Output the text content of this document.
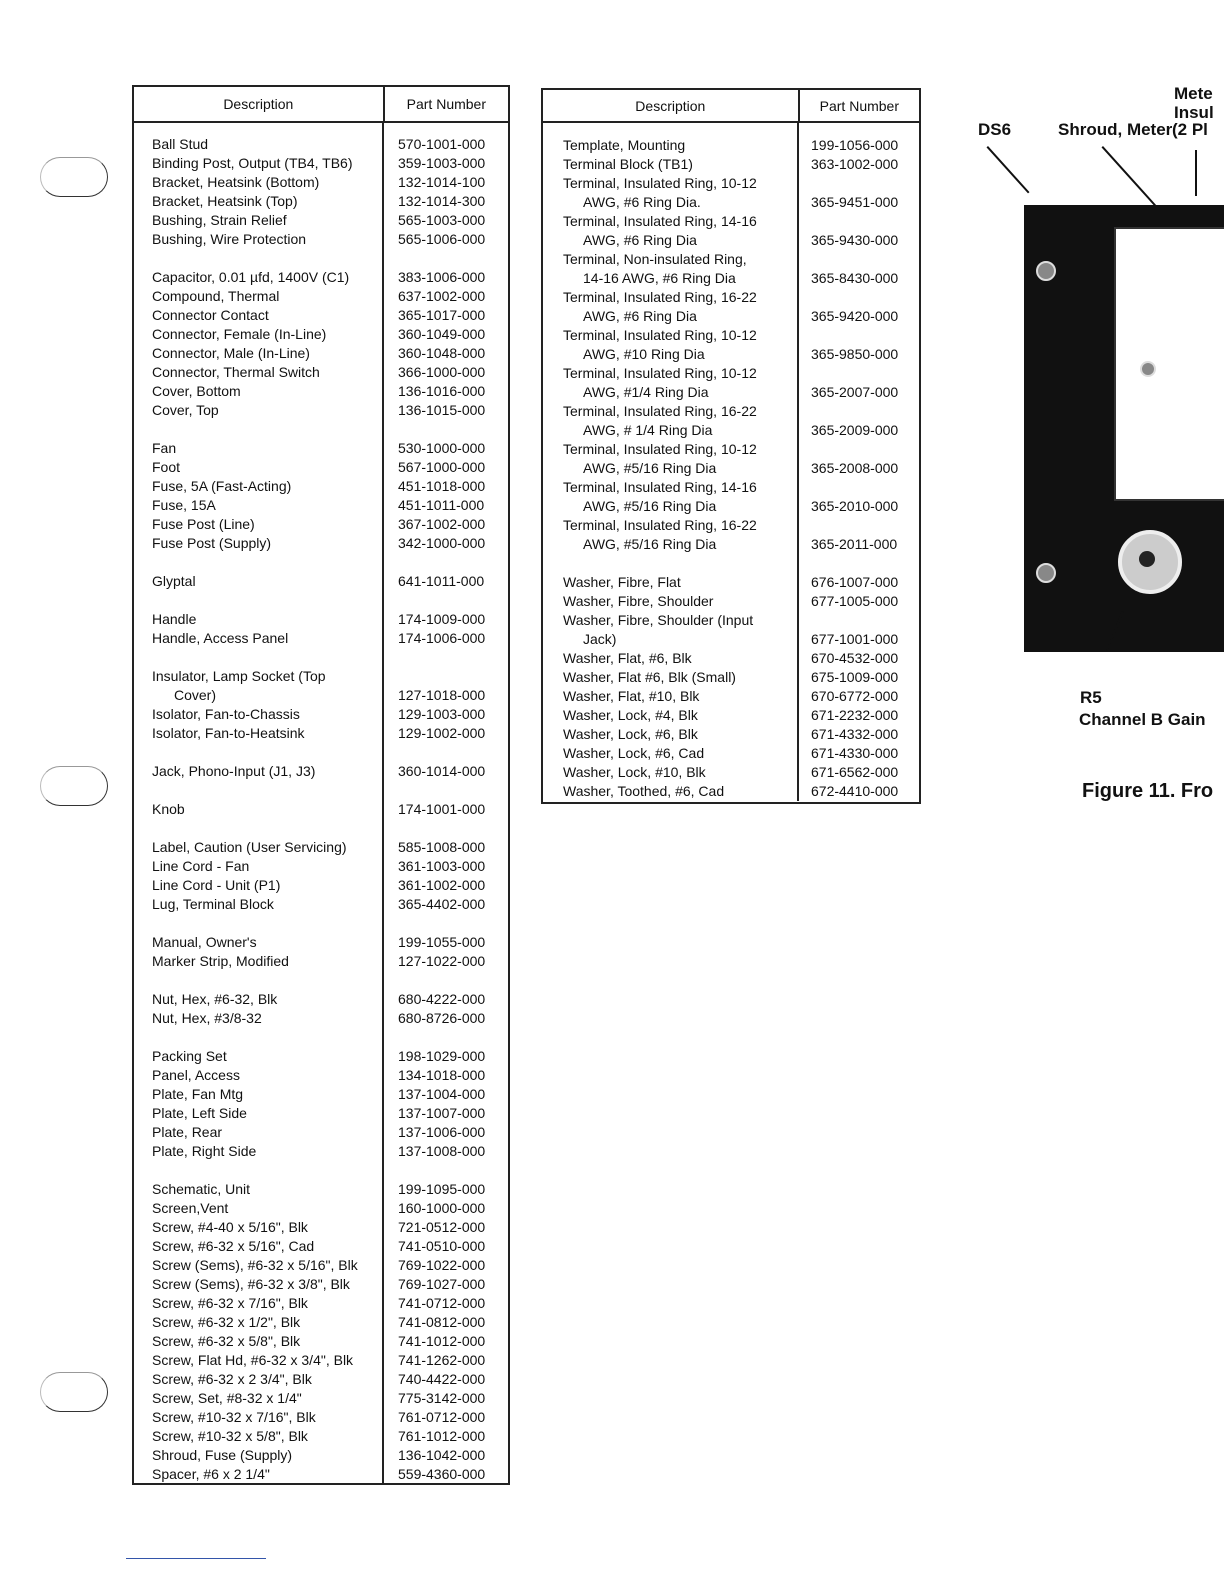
Description	Part Number
Ball Stud	570-1001-000
Binding Post, Output (TB4, TB6)	359-1003-000
Bracket, Heatsink (Bottom)	132-1014-100
Bracket, Heatsink (Top)	132-1014-300
Bushing, Strain Relief	565-1003-000
Bushing, Wire Protection	565-1006-000
Capacitor, 0.01 µfd, 1400V (C1)	383-1006-000
Compound, Thermal	637-1002-000
Connector Contact	365-1017-000
Connector, Female (In-Line)	360-1049-000
Connector, Male (In-Line)	360-1048-000
Connector, Thermal Switch	366-1000-000
Cover, Bottom	136-1016-000
Cover, Top	136-1015-000
Fan	530-1000-000
Foot	567-1000-000
Fuse, 5A (Fast-Acting)	451-1018-000
Fuse, 15A	451-1011-000
Fuse Post (Line)	367-1002-000
Fuse Post (Supply)	342-1000-000
Glyptal	641-1011-000
Handle	174-1009-000
Handle, Access Panel	174-1006-000
Insulator, Lamp Socket (Top
Cover)	127-1018-000
Isolator, Fan-to-Chassis	129-1003-000
Isolator, Fan-to-Heatsink	129-1002-000
Jack, Phono-Input (J1, J3)	360-1014-000
Knob	174-1001-000
Label, Caution (User Servicing)	585-1008-000
Line Cord - Fan	361-1003-000
Line Cord - Unit (P1)	361-1002-000
Lug, Terminal Block	365-4402-000
Manual, Owner's	199-1055-000
Marker Strip, Modified	127-1022-000
Nut, Hex, #6-32, Blk	680-4222-000
Nut, Hex, #3/8-32	680-8726-000
Packing Set	198-1029-000
Panel, Access	134-1018-000
Plate, Fan Mtg	137-1004-000
Plate, Left Side	137-1007-000
Plate, Rear	137-1006-000
Plate, Right Side	137-1008-000
Schematic, Unit	199-1095-000
Screen,Vent	160-1000-000
Screw, #4-40 x 5/16", Blk	721-0512-000
Screw, #6-32 x 5/16", Cad	741-0510-000
Screw (Sems), #6-32 x 5/16", Blk	769-1022-000
Screw (Sems), #6-32 x 3/8", Blk	769-1027-000
Screw, #6-32 x 7/16", Blk	741-0712-000
Screw, #6-32 x 1/2", Blk	741-0812-000
Screw, #6-32 x 5/8", Blk	741-1012-000
Screw, Flat Hd, #6-32 x 3/4", Blk	741-1262-000
Screw, #6-32 x 2 3/4", Blk	740-4422-000
Screw, Set, #8-32 x 1/4"	775-3142-000
Screw, #10-32 x 7/16", Blk	761-0712-000
Screw, #10-32 x 5/8", Blk	761-1012-000
Shroud, Fuse (Supply)	136-1042-000
Spacer, #6 x 2 1/4"	559-4360-000
Description	Part Number
Template, Mounting	199-1056-000
Terminal Block (TB1)	363-1002-000
Terminal, Insulated Ring, 10-12
AWG, #6 Ring Dia.	365-9451-000
Terminal, Insulated Ring, 14-16
AWG, #6 Ring Dia	365-9430-000
Terminal, Non-insulated Ring,
14-16 AWG, #6 Ring Dia	365-8430-000
Terminal, Insulated Ring, 16-22
AWG, #6 Ring Dia	365-9420-000
Terminal, Insulated Ring, 10-12
AWG, #10 Ring Dia	365-9850-000
Terminal, Insulated Ring, 10-12
AWG, #1/4 Ring Dia	365-2007-000
Terminal, Insulated Ring, 16-22
AWG, # 1/4 Ring Dia	365-2009-000
Terminal, Insulated Ring, 10-12
AWG, #5/16 Ring Dia	365-2008-000
Terminal, Insulated Ring, 14-16
AWG, #5/16 Ring Dia	365-2010-000
Terminal, Insulated Ring, 16-22
AWG, #5/16 Ring Dia	365-2011-000
Washer, Fibre, Flat	676-1007-000
Washer, Fibre, Shoulder	677-1005-000
Washer, Fibre, Shoulder (Input
Jack)	677-1001-000
Washer, Flat, #6, Blk	670-4532-000
Washer, Flat #6, Blk (Small)	675-1009-000
Washer, Flat, #10, Blk	670-6772-000
Washer, Lock, #4, Blk	671-2232-000
Washer, Lock, #6, Blk	671-4332-000
Washer, Lock, #6, Cad	671-4330-000
Washer, Lock, #10, Blk	671-6562-000
Washer, Toothed, #6, Cad	672-4410-000
DS6	Shroud, Meter
Mete
Insul
(2 Pl
R5
Channel B Gain
Figure 11. Fro
